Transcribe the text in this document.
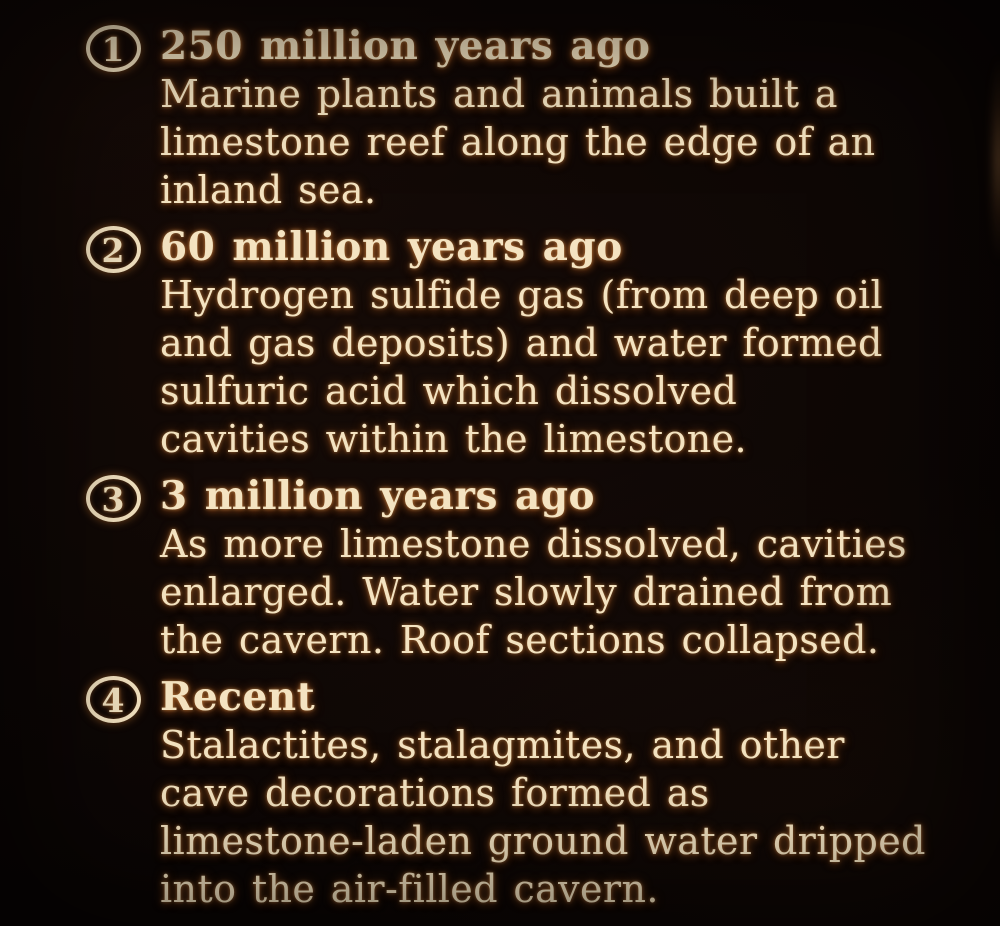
1 250 million years ago
Marine plants and animals built a
limestone reef along the edge of an
inland sea.
2 60 million years ago
Hydrogen sulfide gas (from deep oil
and gas deposits) and water formed
sulfuric acid which dissolved
cavities within the limestone.
3 3 million years ago
As more limestone dissolved, cavities
enlarged. Water slowly drained from
the cavern. Roof sections collapsed.
4 Recent
Stalactites, stalagmites, and other
cave decorations formed as
limestone-laden ground water dripped
into the air-filled cavern.
